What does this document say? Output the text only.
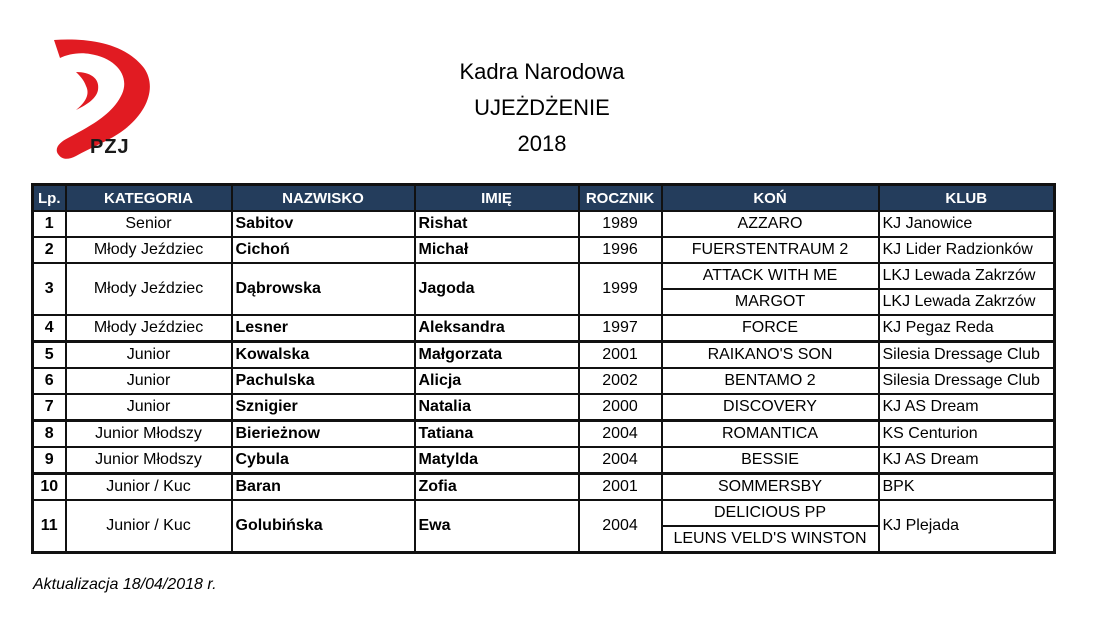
PZJ
Kadra Narodowa
UJEŻDŻENIE
2018
Lp.	KATEGORIA	NAZWISKO	IMIĘ	ROCZNIK	KOŃ	KLUB
1	Senior	Sabitov	Rishat	1989	AZZARO	KJ Janowice
2	Młody Jeździec	Cichoń	Michał	1996	FUERSTENTRAUM 2	KJ Lider Radzionków
3	Młody Jeździec	Dąbrowska	Jagoda	1999	ATTACK WITH ME	LKJ Lewada Zakrzów
					MARGOT	LKJ Lewada Zakrzów
4	Młody Jeździec	Lesner	Aleksandra	1997	FORCE	KJ Pegaz Reda
5	Junior	Kowalska	Małgorzata	2001	RAIKANO'S SON	Silesia Dressage Club
6	Junior	Pachulska	Alicja	2002	BENTAMO 2	Silesia Dressage Club
7	Junior	Sznigier	Natalia	2000	DISCOVERY	KJ AS Dream
8	Junior Młodszy	Bierieżnow	Tatiana	2004	ROMANTICA	KS Centurion
9	Junior Młodszy	Cybula	Matylda	2004	BESSIE	KJ AS Dream
10	Junior / Kuc	Baran	Zofia	2001	SOMMERSBY	BPK
11	Junior / Kuc	Golubińska	Ewa	2004	DELICIOUS PP	KJ Plejada
					LEUNS VELD'S WINSTON	
Aktualizacja 18/04/2018 r.
